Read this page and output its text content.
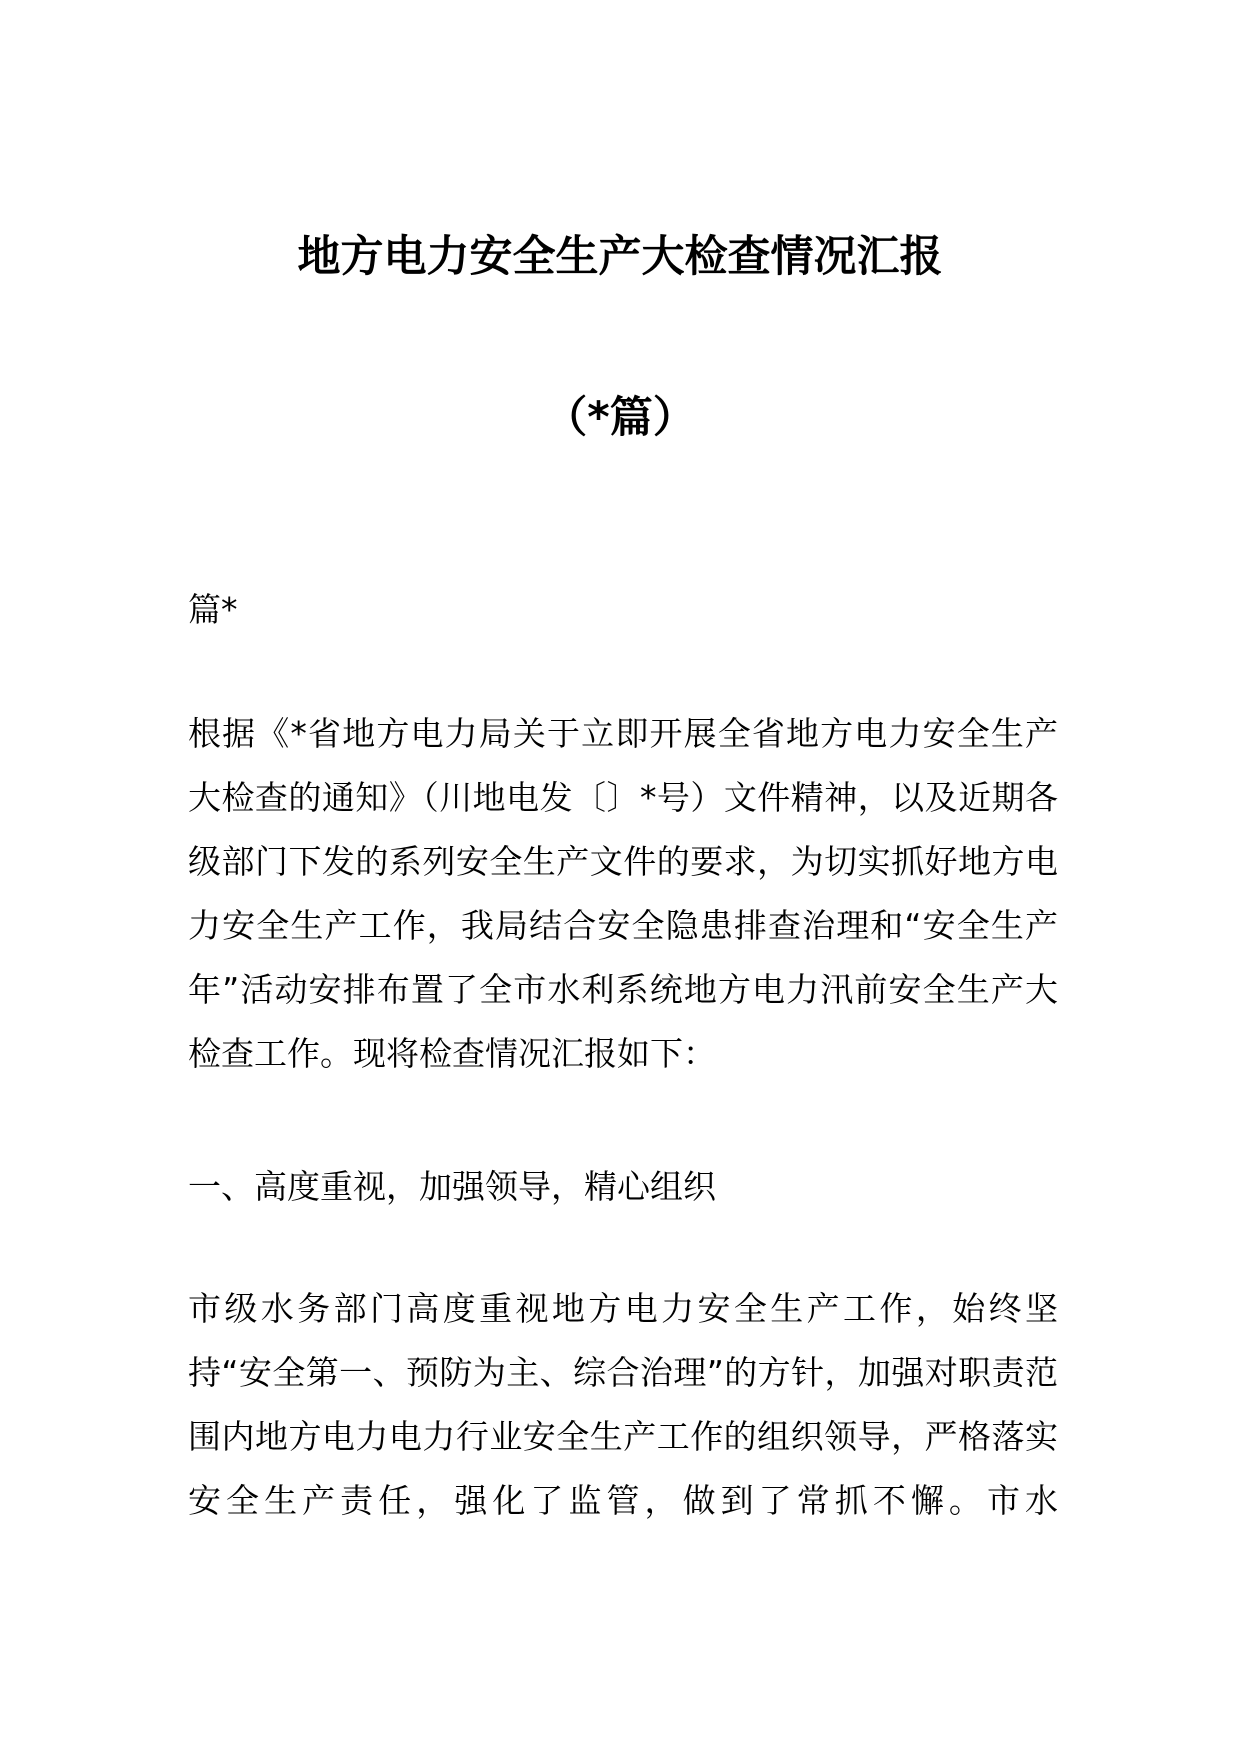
地方电力安全生产大检查情况汇报
（*篇）

篇*

根据《*省地方电力局关于立即开展全省地方电力安全生产大检查的通知》（川地电发〔〕*号）文件精神，以及近期各级部门下发的系列安全生产文件的要求，为切实抓好地方电力安全生产工作，我局结合安全隐患排查治理和“安全生产年”活动安排布置了全市水利系统地方电力汛前安全生产大检查工作。现将检查情况汇报如下：

一、高度重视，加强领导，精心组织

市级水务部门高度重视地方电力安全生产工作，始终坚持“安全第一、预防为主、综合治理”的方针，加强对职责范围内地方电力电力行业安全生产工作的组织领导，严格落实安全生产责任，强化了监管，做到了常抓不懈。市水
